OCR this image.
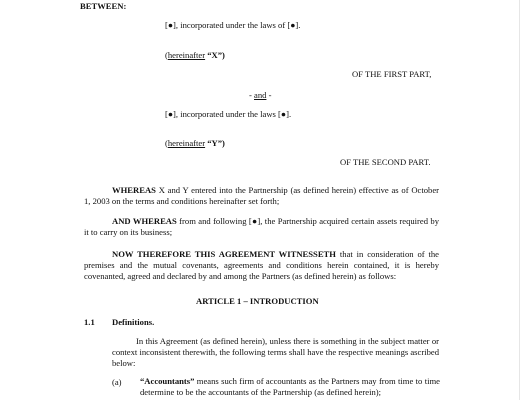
BETWEEN:
[●], incorporated under the laws of [●].
(hereinafter “X”)
OF THE FIRST PART,
- and -
[●], incorporated under the laws [●].
(hereinafter “Y”)
OF THE SECOND PART.

WHEREAS X and Y entered into the Partnership (as defined herein) effective as of October 1, 2003 on the terms and conditions hereinafter set forth;

AND WHEREAS from and following [●], the Partnership acquired certain assets required by it to carry on its business;

NOW THEREFORE THIS AGREEMENT WITNESSETH that in consideration of the premises and the mutual covenants, agreements and conditions herein contained, it is hereby covenanted, agreed and declared by and among the Partners (as defined herein) as follows:

ARTICLE 1 – INTRODUCTION
1.1 Definitions.

In this Agreement (as defined herein), unless there is something in the subject matter or context inconsistent therewith, the following terms shall have the respective meanings ascribed below:

(a) “Accountants” means such firm of accountants as the Partners may from time to time determine to be the accountants of the Partnership (as defined herein);
